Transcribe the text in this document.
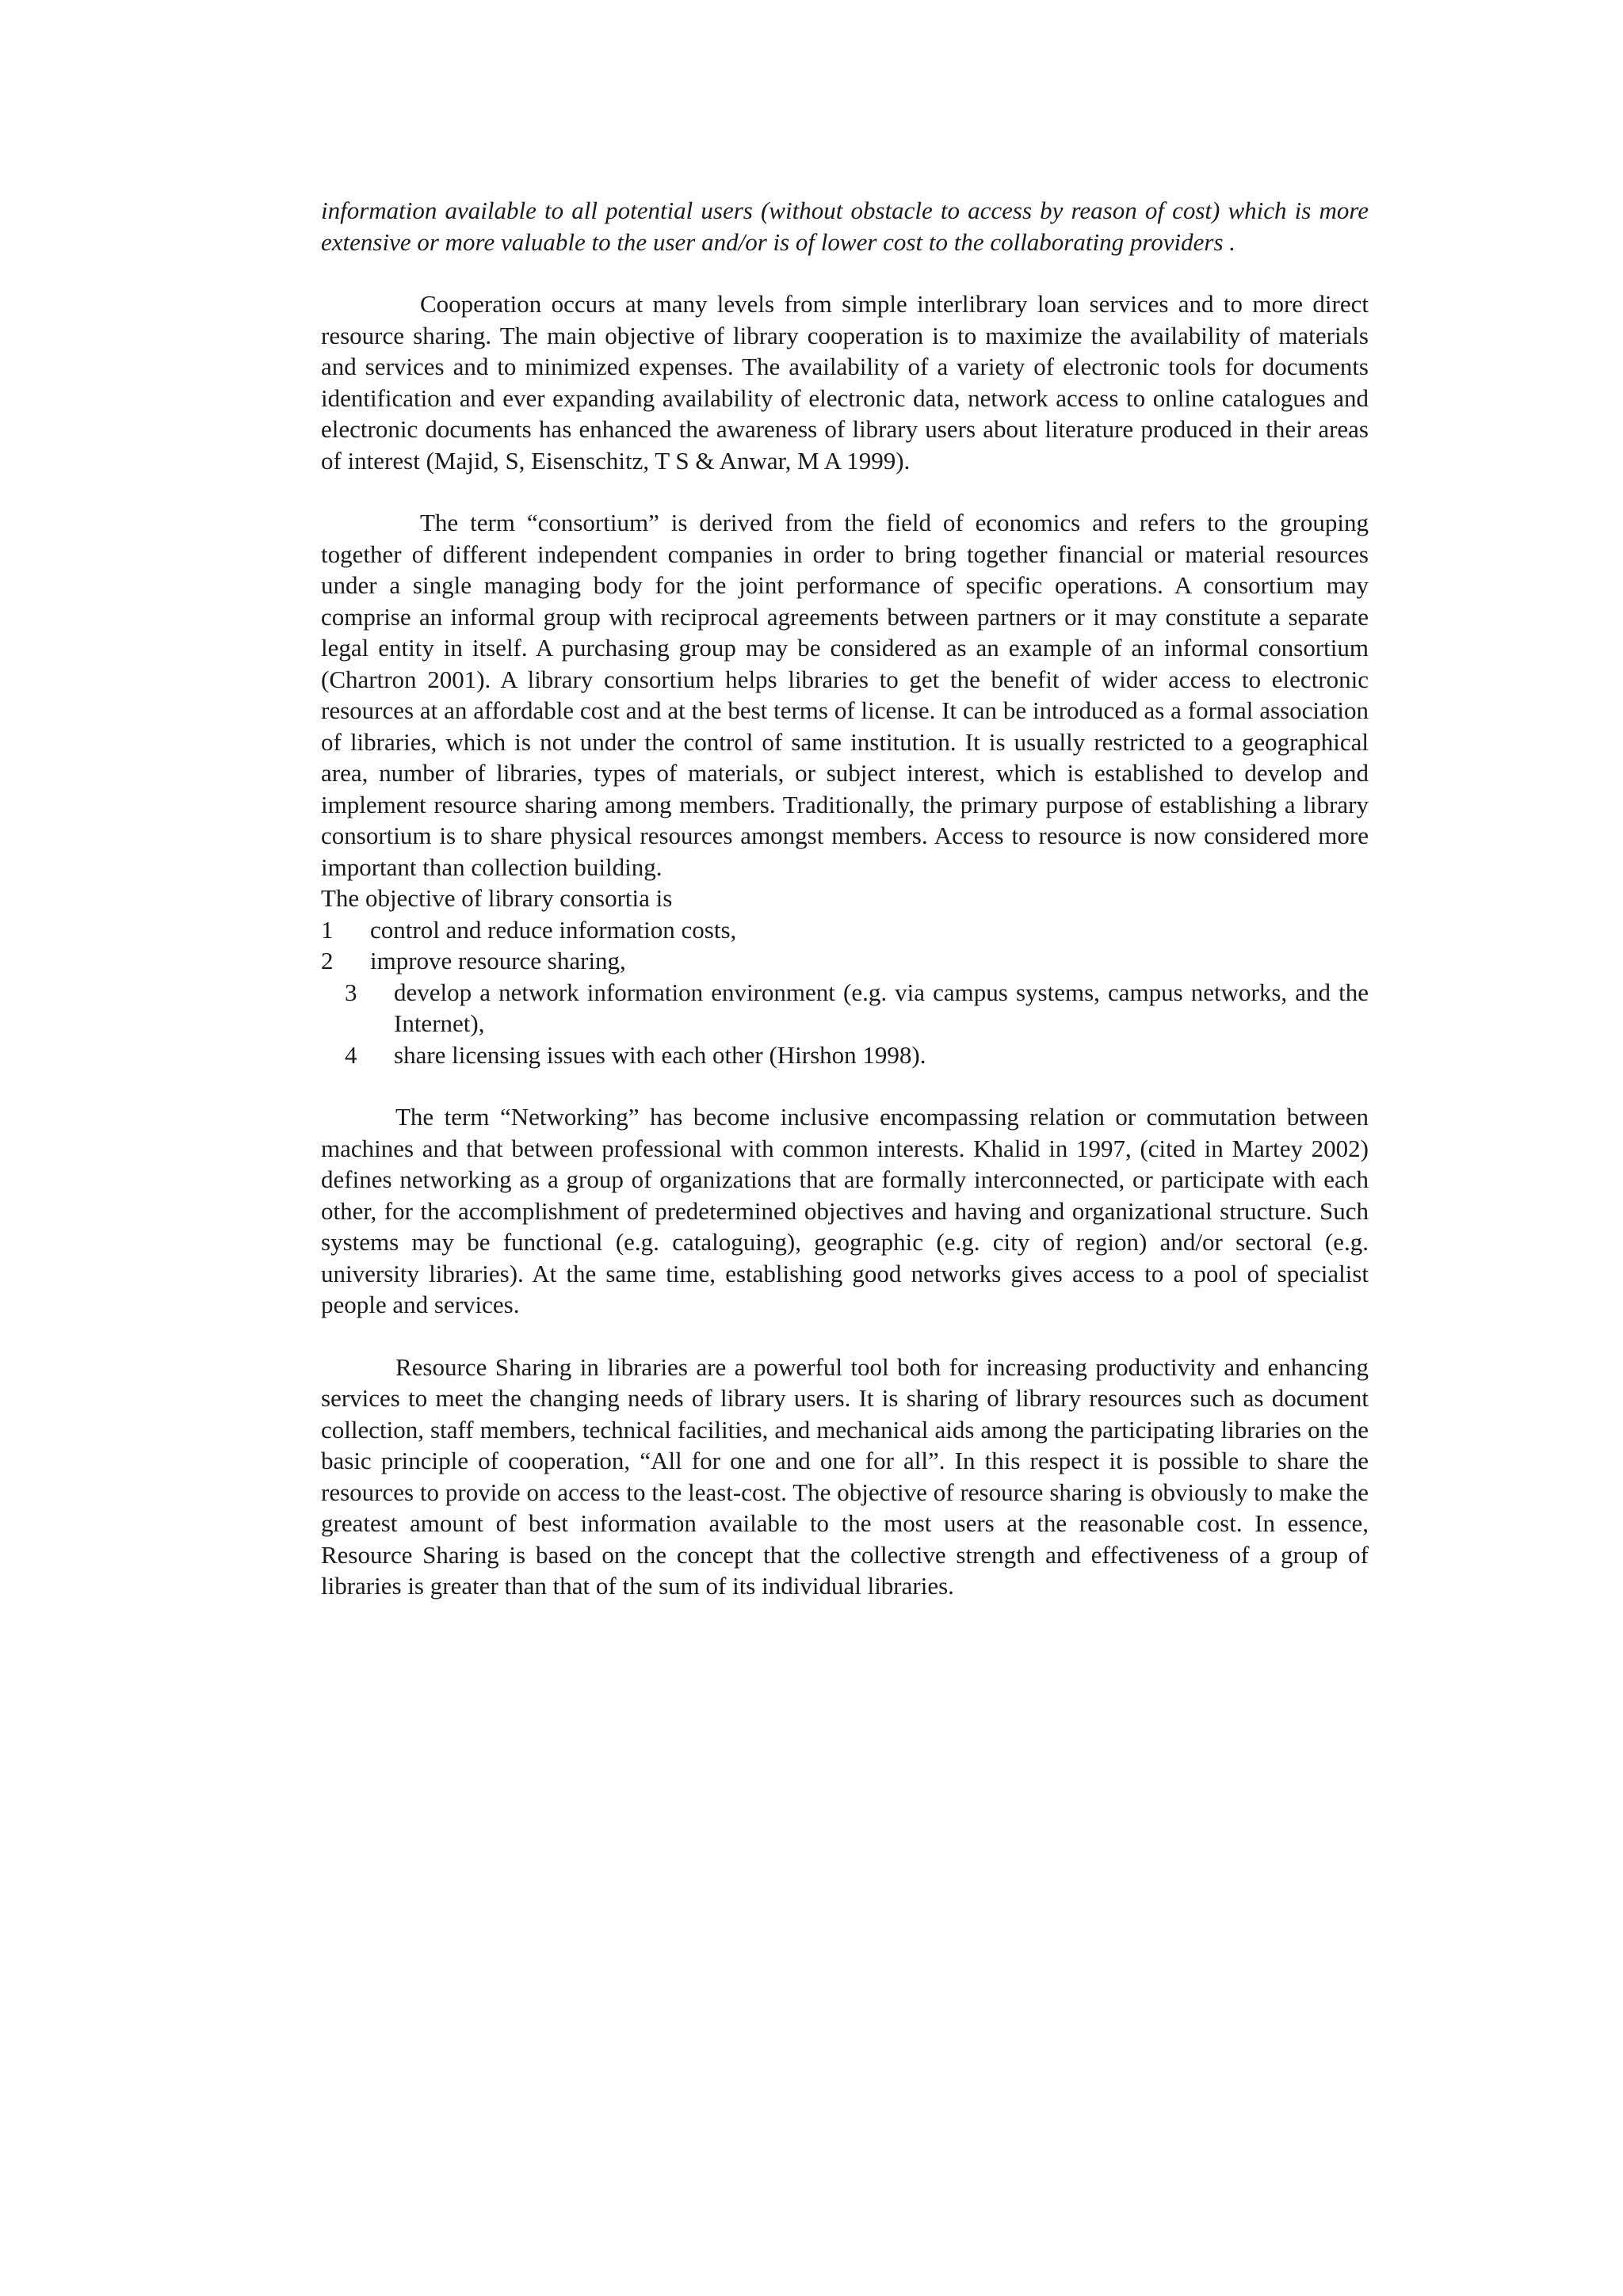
information available to all potential users (without obstacle to access by reason of cost) which is more extensive or more valuable to the user and/or is of lower cost to the collaborating providers .

Cooperation occurs at many levels from simple interlibrary loan services and to more direct resource sharing. The main objective of library cooperation is to maximize the availability of materials and services and to minimized expenses. The availability of a variety of electronic tools for documents identification and ever expanding availability of electronic data, network access to online catalogues and electronic documents has enhanced the awareness of library users about literature produced in their areas of interest (Majid, S, Eisenschitz, T S & Anwar, M A 1999).

The term “consortium” is derived from the field of economics and refers to the grouping together of different independent companies in order to bring together financial or material resources under a single managing body for the joint performance of specific operations. A consortium may comprise an informal group with reciprocal agreements between partners or it may constitute a separate legal entity in itself. A purchasing group may be considered as an example of an informal consortium (Chartron 2001). A library consortium helps libraries to get the benefit of wider access to electronic resources at an affordable cost and at the best terms of license. It can be introduced as a formal association of libraries, which is not under the control of same institution. It is usually restricted to a geographical area, number of libraries, types of materials, or subject interest, which is established to develop and implement resource sharing among members. Traditionally, the primary purpose of establishing a library consortium is to share physical resources amongst members. Access to resource is now considered more important than collection building.

The objective of library consortia is

1	control and reduce information costs,
2	improve resource sharing,
3	develop a network information environment (e.g. via campus systems, campus networks, and the Internet),
4	share licensing issues with each other (Hirshon 1998).

The term “Networking” has become inclusive encompassing relation or commutation between machines and that between professional with common interests. Khalid in 1997, (cited in Martey 2002) defines networking as a group of organizations that are formally interconnected, or participate with each other, for the accomplishment of predetermined objectives and having and organizational structure. Such systems may be functional (e.g. cataloguing), geographic (e.g. city of region) and/or sectoral (e.g. university libraries). At the same time, establishing good networks gives access to a pool of specialist people and services.

Resource Sharing in libraries are a powerful tool both for increasing productivity and enhancing services to meet the changing needs of library users. It is sharing of library resources such as document collection, staff members, technical facilities, and mechanical aids among the participating libraries on the basic principle of cooperation, “All for one and one for all”. In this respect it is possible to share the resources to provide on access to the least-cost. The objective of resource sharing is obviously to make the greatest amount of best information available to the most users at the reasonable cost. In essence, Resource Sharing is based on the concept that the collective strength and effectiveness of a group of libraries is greater than that of the sum of its individual libraries.
